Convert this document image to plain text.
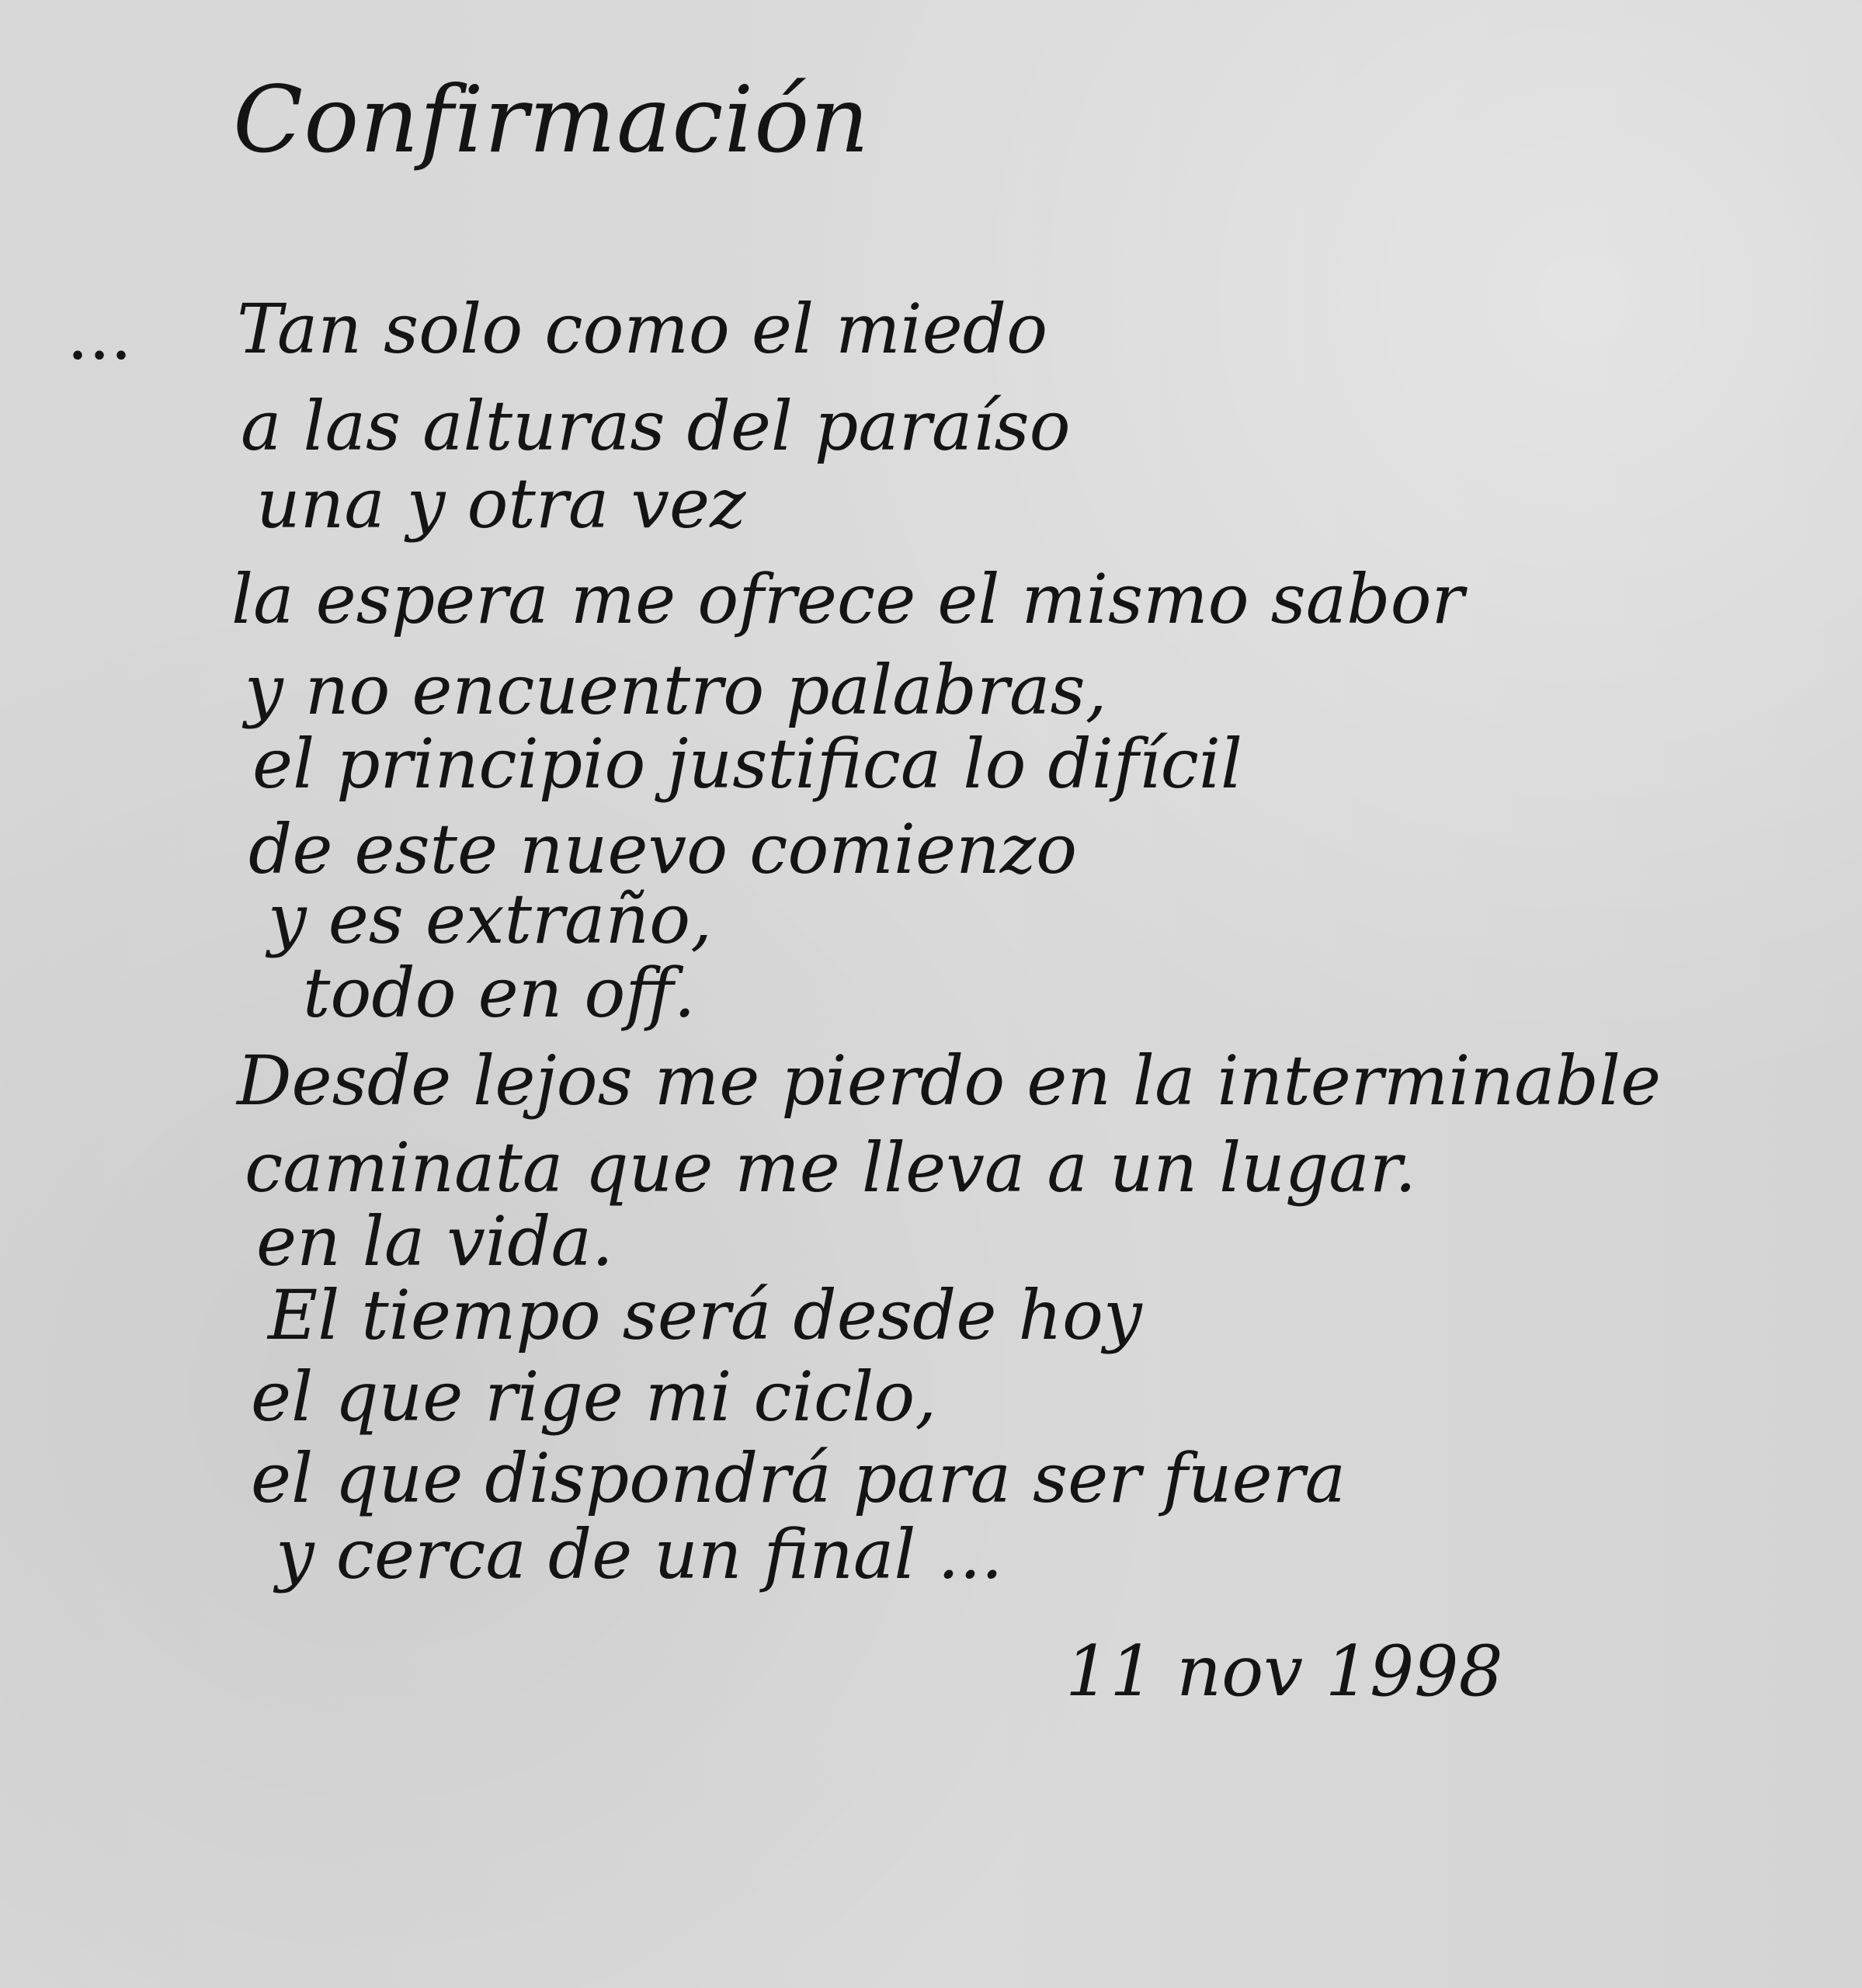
Confirmación
... Tan solo como el miedo
a las alturas del paraíso
una y otra vez
la espera me ofrece el mismo sabor
y no encuentro palabras,
el principio justifica lo difícil
de este nuevo comienzo
y es extraño,
todo en off.
Desde lejos me pierdo en la interminable
caminata que me lleva a un lugar.
en la vida.
El tiempo será desde hoy
el que rige mi ciclo,
el que dispondrá para ser fuera
y cerca de un final ...
11 nov 1998
